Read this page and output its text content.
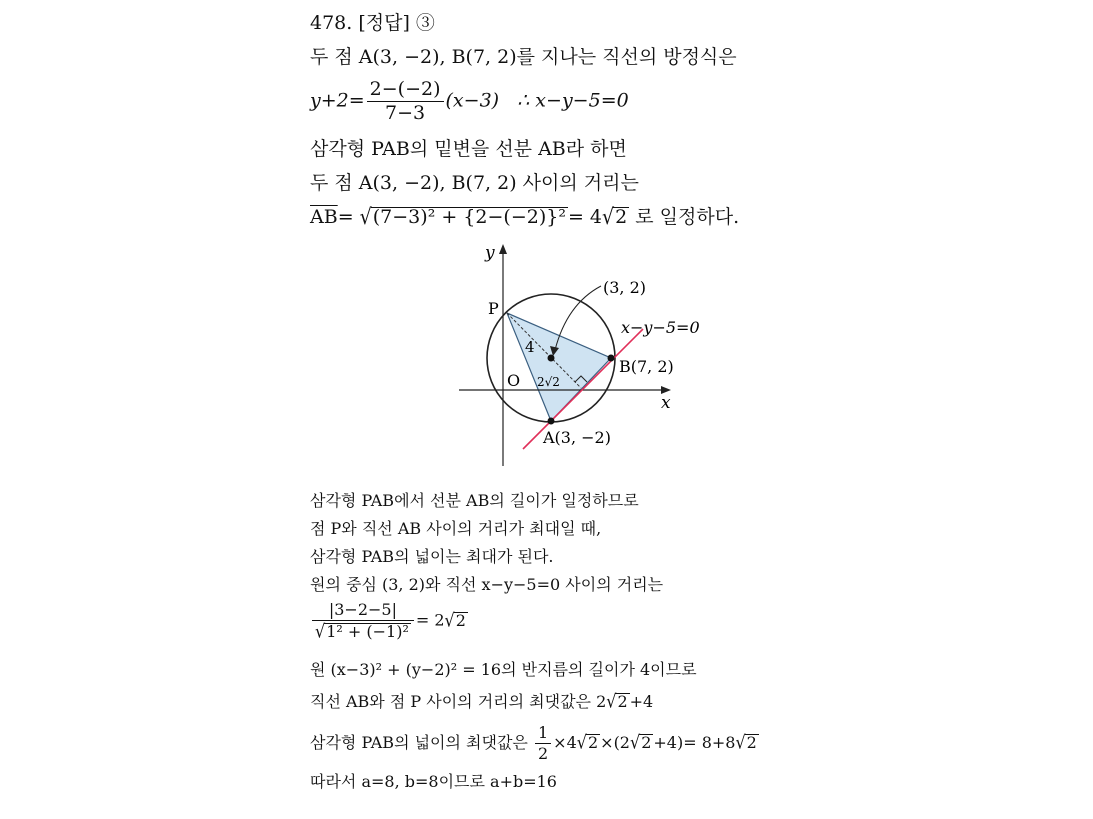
478. [정답] ③
두 점 A(3, −2), B(7, 2)를 지나는 직선의 방정식은
$y+2= \frac{2-(-2)}{7-3} (x-3)$   ∴ x−y−5=0
삼각형 PAB의 밑변을 선분 AB라 하면
두 점 A(3, −2), B(7, 2) 사이의 거리는
$\overline{AB}= √(7-3)^2 + \{2-(-2)\}^2 = 4√2$ 로 일정하다.
y
x
O
P
(3, 2)
x−y−5=0
B(7, 2)
A(3, −2)
4
2√2
삼각형 PAB에서 선분 AB의 길이가 일정하므로
점 P와 직선 AB 사이의 거리가 최대일 때,
삼각형 PAB의 넓이는 최대가 된다.
원의 중심 (3, 2)와 직선 x−y−5=0 사이의 거리는
$\frac{|3-2-5|}{\text{√1² + (−1)²}} = 2√2$
원 (x−3)² + (y−2)² = 16의 반지름의 길이가 4이므로
직선 AB와 점 P 사이의 거리의 최댓값은 2√2 +4
삼각형 PAB의 넓이의 최댓값은 $\frac{1}{2} \times 4√2 \times(2√2 +4)= 8+8√2$
따라서 a=8, b=8이므로 a+b=16
